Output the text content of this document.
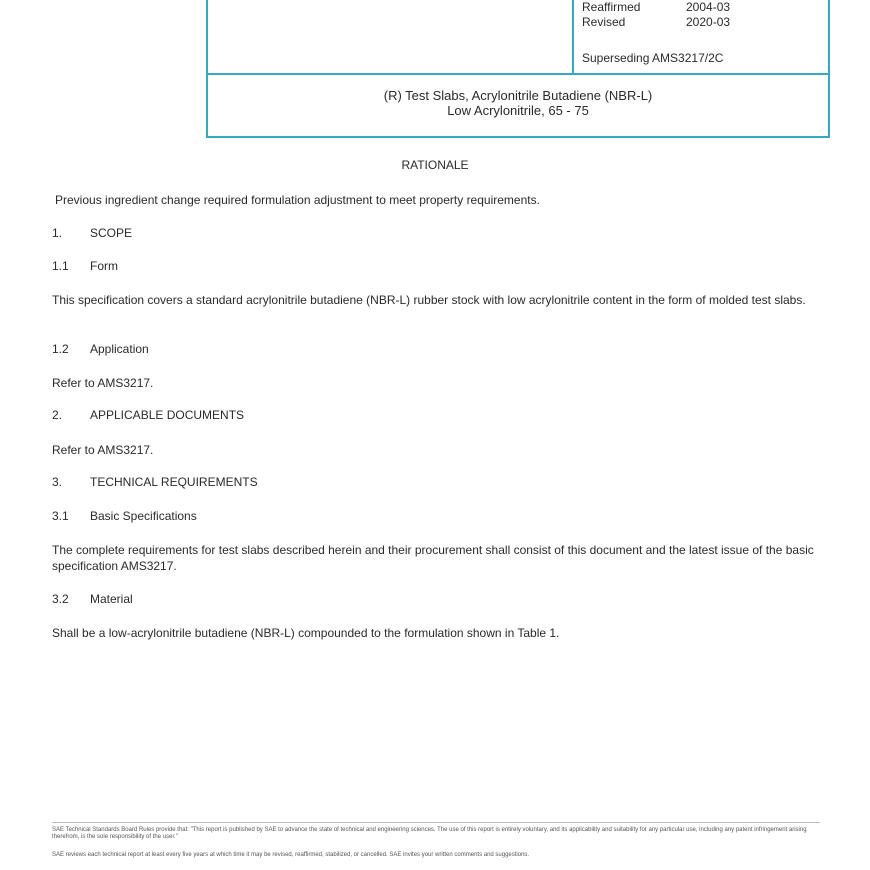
Reaffirmed	2004-03
Revised	2020-03
Superseding AMS3217/2C
(R) Test Slabs, Acrylonitrile Butadiene (NBR-L)
Low Acrylonitrile, 65 - 75
RATIONALE
Previous ingredient change required formulation adjustment to meet property requirements.
1.	SCOPE
1.1	Form
This specification covers a standard acrylonitrile butadiene (NBR-L) rubber stock with low acrylonitrile content in the form of molded test slabs.
1.2	Application
Refer to AMS3217.
2.	APPLICABLE DOCUMENTS
Refer to AMS3217.
3.	TECHNICAL REQUIREMENTS
3.1	Basic Specifications
The complete requirements for test slabs described herein and their procurement shall consist of this document and the latest issue of the basic specification AMS3217.
3.2	Material
Shall be a low-acrylonitrile butadiene (NBR-L) compounded to the formulation shown in Table 1.
SAE Technical Standards Board Rules provide that: "This report is published by SAE to advance the state of technical and engineering sciences. The use of this report is entirely voluntary, and its applicability and suitability for any particular use, including any patent infringement arising therefrom, is the sole responsibility of the user."
SAE reviews each technical report at least every five years at which time it may be revised, reaffirmed, stabilized, or cancelled. SAE invites your written comments and suggestions.
